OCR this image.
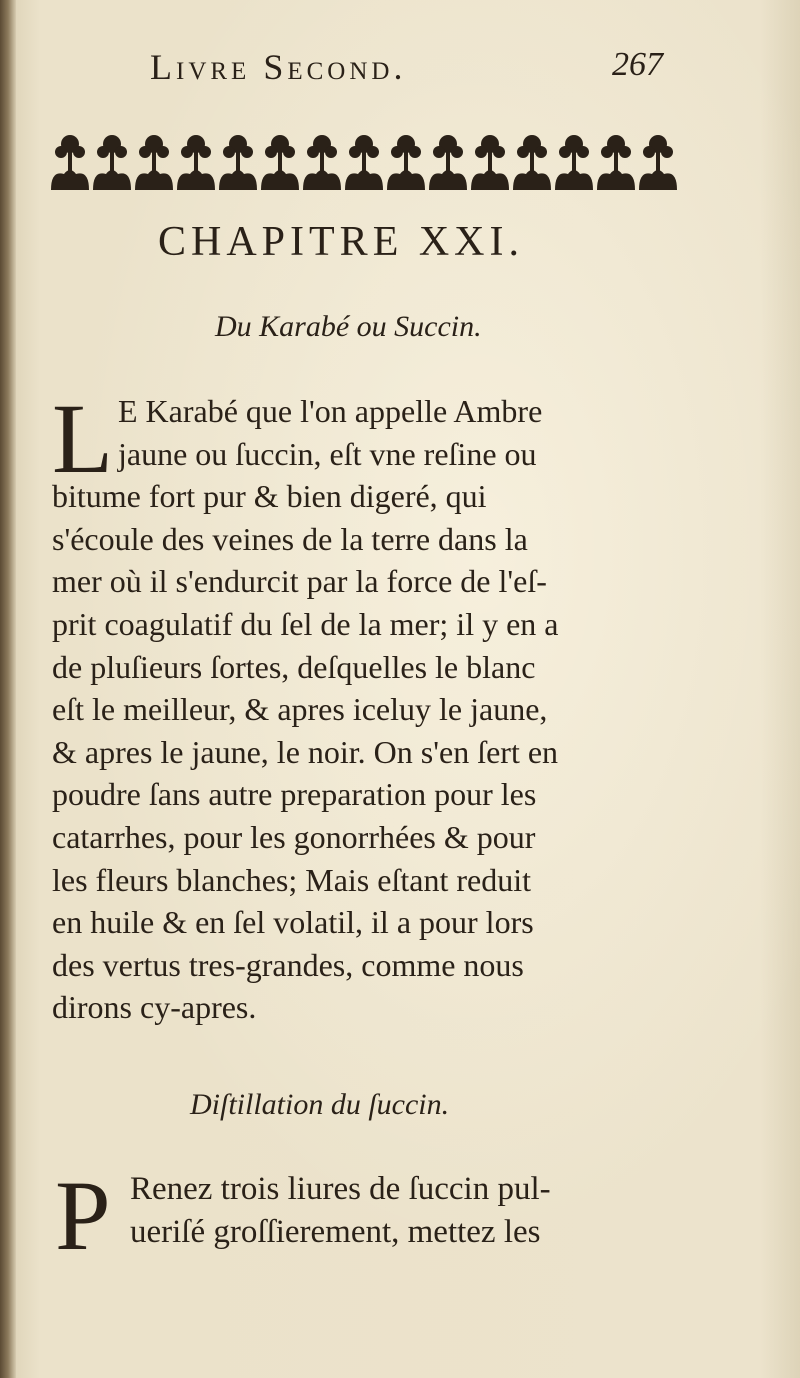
Livre Second.	267
CHAPITRE XXI.
Du Karabé ou Succin.
L E Karabé que l'on appelle Ambre
jaune ou ſuccin, eſt vne reſine ou
bitume fort pur & bien digeré, qui
s'écoule des veines de la terre dans la
mer où il s'endurcit par la force de l'eſ-
prit coagulatif du ſel de la mer; il y en a
de pluſieurs ſortes, deſquelles le blanc
eſt le meilleur, & apres iceluy le jaune,
& apres le jaune, le noir. On s'en ſert en
poudre ſans autre preparation pour les
catarrhes, pour les gonorrhées & pour
les fleurs blanches; Mais eſtant reduit
en huile & en ſel volatil, il a pour lors
des vertus tres-grandes, comme nous
dirons cy-apres.
Diſtillation du ſuccin.
P Renez trois liures de ſuccin pul-
ueriſé groſſierement, mettez les
